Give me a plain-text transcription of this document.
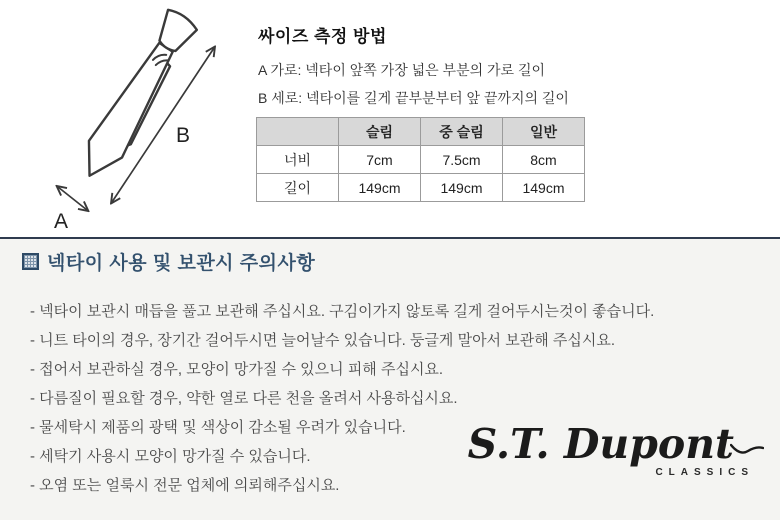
B
A
싸이즈 측정 방법
A 가로: 넥타이 앞쪽 가장 넓은 부분의 가로 길이
B 세로: 넥타이를 길게 끝부분부터 앞 끝까지의 길이
	슬림	중 슬림	일반
너비	7cm	7.5cm	8cm
길이	149cm	149cm	149cm
넥타이 사용 및 보관시 주의사항
- 넥타이 보관시 매듭을 풀고 보관해 주십시요. 구김이가지 않토록 길게 걸어두시는것이 좋습니다.
- 니트 타이의 경우, 장기간 걸어두시면 늘어날수 있습니다. 둥글게 말아서 보관해 주십시요.
- 접어서 보관하실 경우, 모양이 망가질 수 있으니 피해 주십시요.
- 다름질이 필요할 경우, 약한 열로 다른 천을 올려서 사용하십시요.
- 물세탁시 제품의 광택 및 색상이 감소될 우려가 있습니다.
- 세탁기 사용시 모양이 망가질 수 있습니다.
- 오염 또는 얼룩시 전문 업체에 의뢰해주십시요.
S.T. Dupont
CLASSICS
